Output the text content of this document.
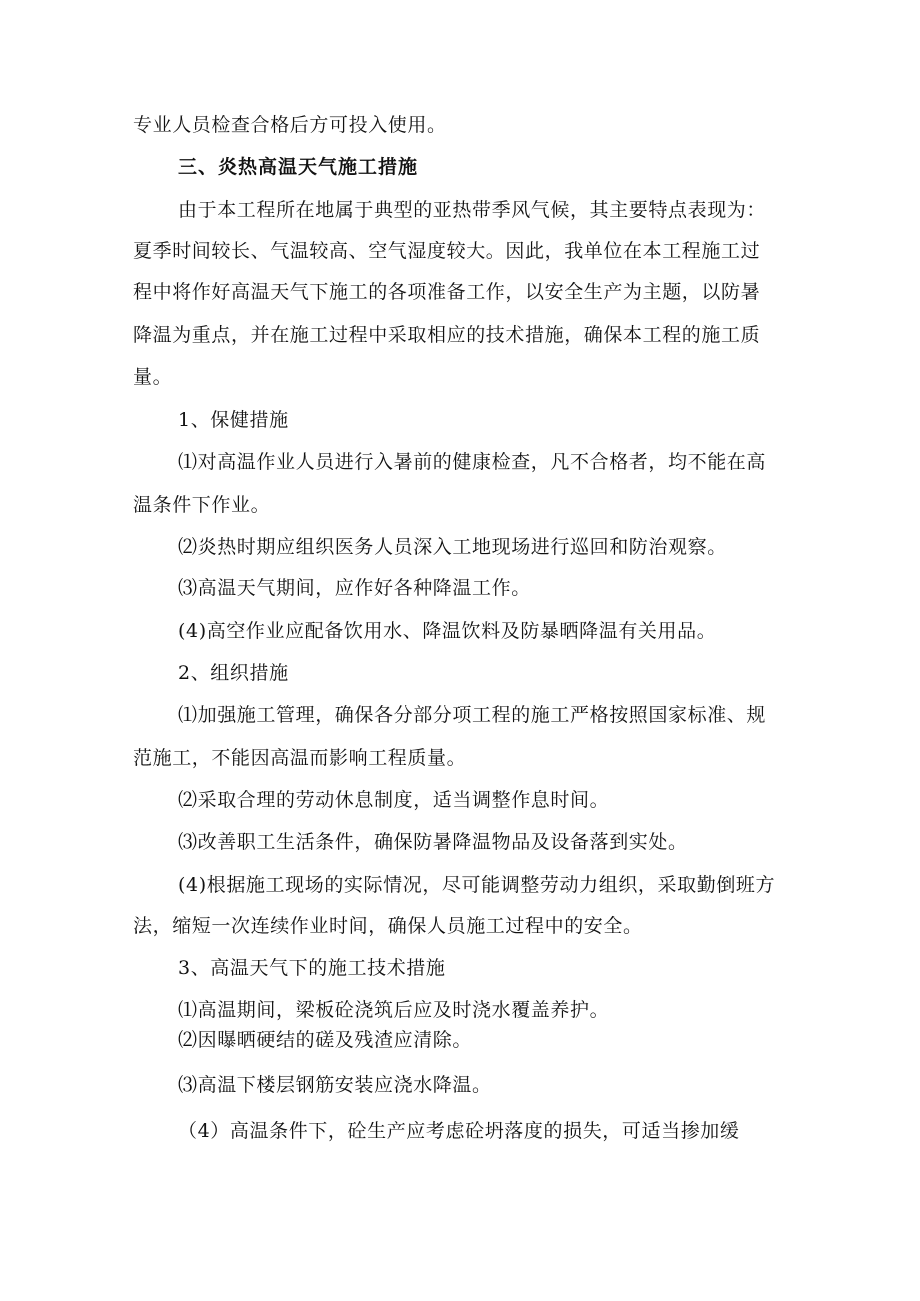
专业人员检查合格后方可投入使用。
三、炎热高温天气施工措施
由于本工程所在地属于典型的亚热带季风气候，其主要特点表现为：
夏季时间较长、气温较高、空气湿度较大。因此，我单位在本工程施工过
程中将作好高温天气下施工的各项准备工作，以安全生产为主题，以防暑
降温为重点，并在施工过程中采取相应的技术措施，确保本工程的施工质
量。
1、保健措施
⑴对高温作业人员进行入暑前的健康检查，凡不合格者，均不能在高
温条件下作业。
⑵炎热时期应组织医务人员深入工地现场进行巡回和防治观察。
⑶高温天气期间，应作好各种降温工作。
(4)高空作业应配备饮用水、降温饮料及防暴晒降温有关用品。
2、组织措施
⑴加强施工管理，确保各分部分项工程的施工严格按照国家标准、规
范施工，不能因高温而影响工程质量。
⑵采取合理的劳动休息制度，适当调整作息时间。
⑶改善职工生活条件，确保防暑降温物品及设备落到实处。
(4)根据施工现场的实际情况，尽可能调整劳动力组织，采取勤倒班方
法，缩短一次连续作业时间，确保人员施工过程中的安全。
3、高温天气下的施工技术措施
⑴高温期间，梁板砼浇筑后应及时浇水覆盖养护。
⑵因曝晒硬结的磋及残渣应清除。
⑶高温下楼层钢筋安装应浇水降温。
（4）高温条件下，砼生产应考虑砼坍落度的损失，可适当掺加缓
